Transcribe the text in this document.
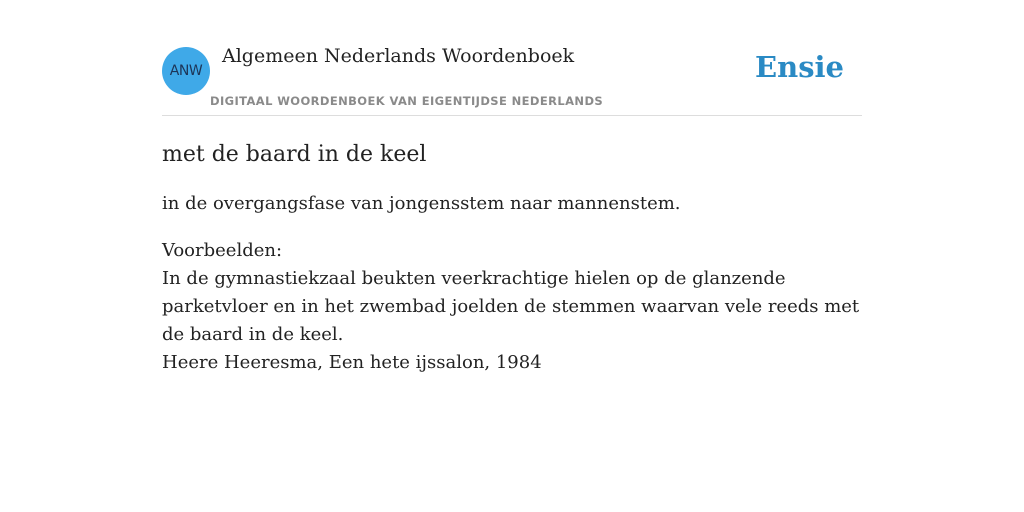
ANW
Algemeen Nederlands Woordenboek
DIGITAAL WOORDENBOEK VAN EIGENTIJDSE NEDERLANDS
Ensie
met de baard in de keel

in de overgangsfase van jongensstem naar mannenstem.

Voorbeelden:
In de gymnastiekzaal beukten veerkrachtige hielen op de glanzende parketvloer en in het zwembad joelden de stemmen waarvan vele reeds met de baard in de keel.
Heere Heeresma, Een hete ijssalon, 1984
